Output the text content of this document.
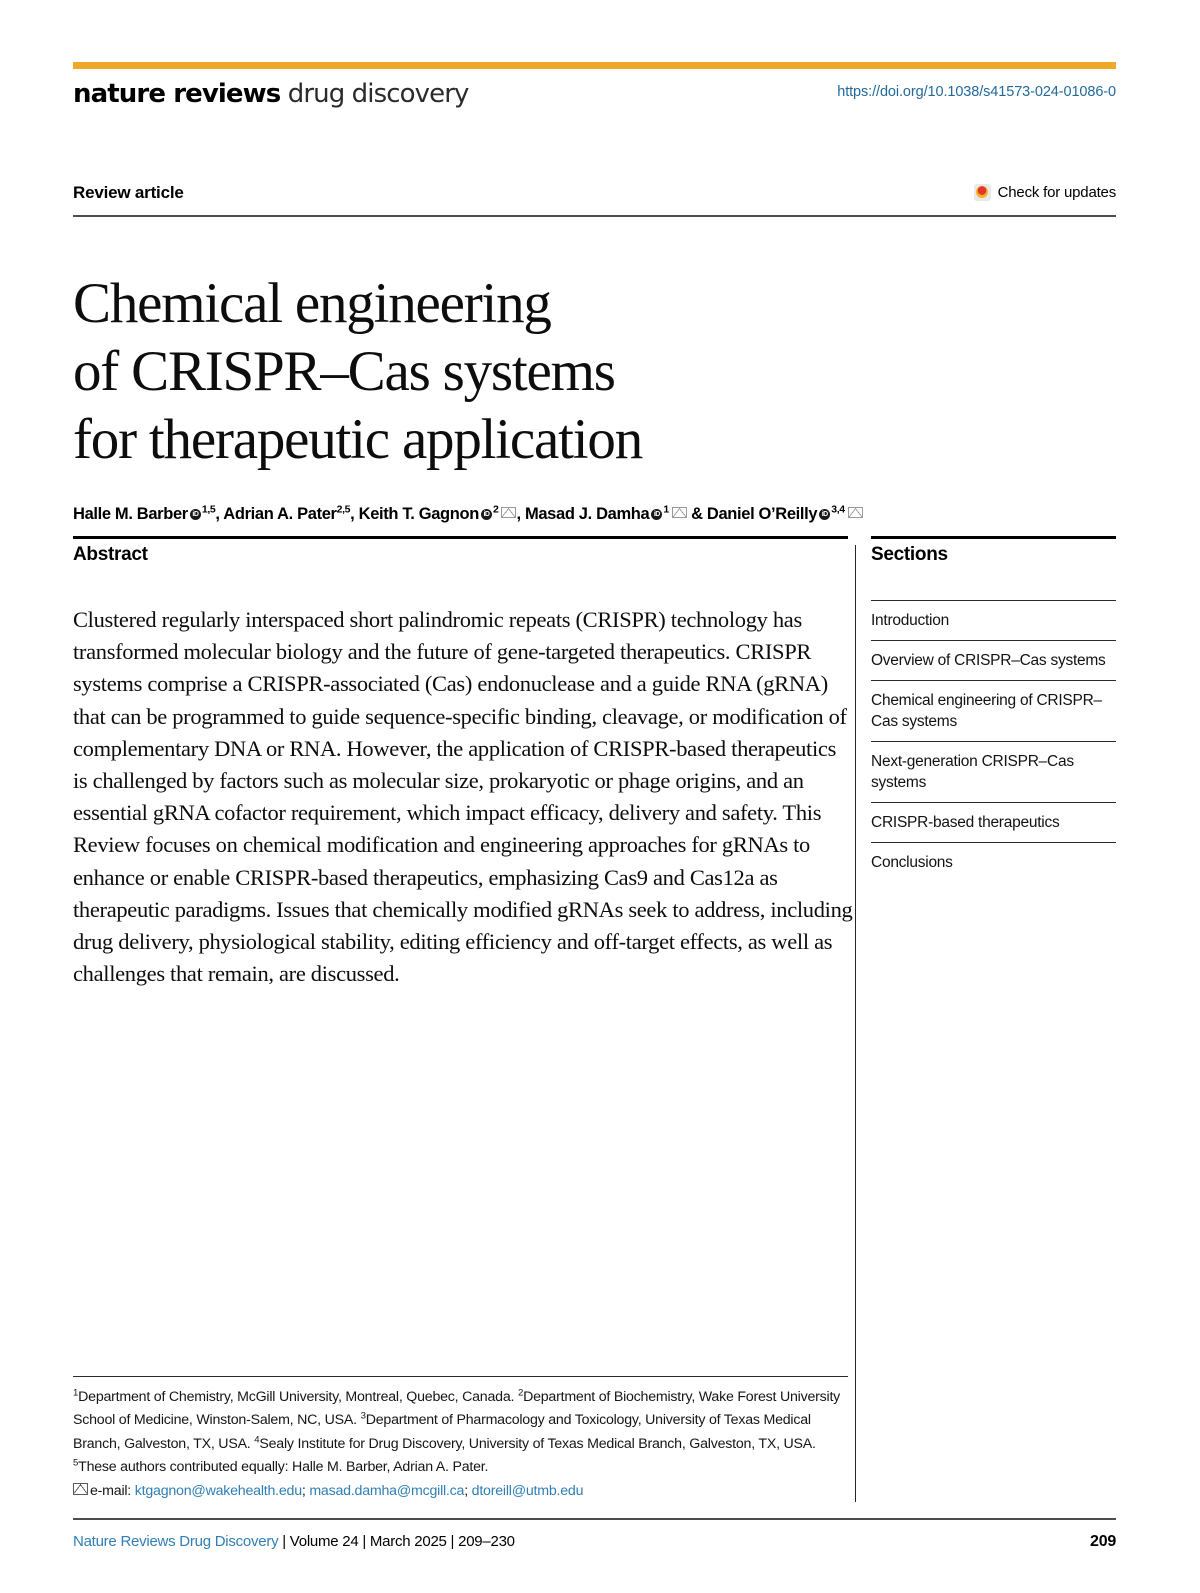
nature reviews drug discovery	https://doi.org/10.1038/s41573-024-01086-0
Review article	Check for updates
Chemical engineering
of CRISPR–Cas systems
for therapeutic application
Halle M. Barber iD $^{1,5}$, Adrian A. Pater$^{2,5}$, Keith T. Gagnon iD $^2$ , Masad J. Damha iD $^1$ & Daniel O’Reilly iD $^{3,4}$
Abstract
Clustered regularly interspaced short palindromic repeats (CRISPR) technology has transformed molecular biology and the future of gene-targeted therapeutics. CRISPR systems comprise a CRISPR-associated (Cas) endonuclease and a guide RNA (gRNA) that can be programmed to guide sequence-specific binding, cleavage, or modification of complementary DNA or RNA. However, the application of CRISPR-based therapeutics is challenged by factors such as molecular size, prokaryotic or phage origins, and an essential gRNA cofactor requirement, which impact efficacy, delivery and safety. This Review focuses on chemical modification and engineering approaches for gRNAs to enhance or enable CRISPR-based therapeutics, emphasizing Cas9 and Cas12a as therapeutic paradigms. Issues that chemically modified gRNAs seek to address, including drug delivery, physiological stability, editing efficiency and off-target effects, as well as challenges that remain, are discussed.
Sections
Introduction
Overview of CRISPR–Cas systems
Chemical engineering of CRISPR–Cas systems
Next-generation CRISPR–Cas systems
CRISPR-based therapeutics
Conclusions
$^1$Department of Chemistry, McGill University, Montreal, Quebec, Canada. $^2$Department of Biochemistry, Wake Forest University School of Medicine, Winston-Salem, NC, USA. $^3$Department of Pharmacology and Toxicology, University of Texas Medical Branch, Galveston, TX, USA. $^4$Sealy Institute for Drug Discovery, University of Texas Medical Branch, Galveston, TX, USA. $^5$These authors contributed equally: Halle M. Barber, Adrian A. Pater.
e-mail: ktgagnon@wakehealth.edu; masad.damha@mcgill.ca; dtoreill@utmb.edu
Nature Reviews Drug Discovery | Volume 24 | March 2025 | 209–230	209
